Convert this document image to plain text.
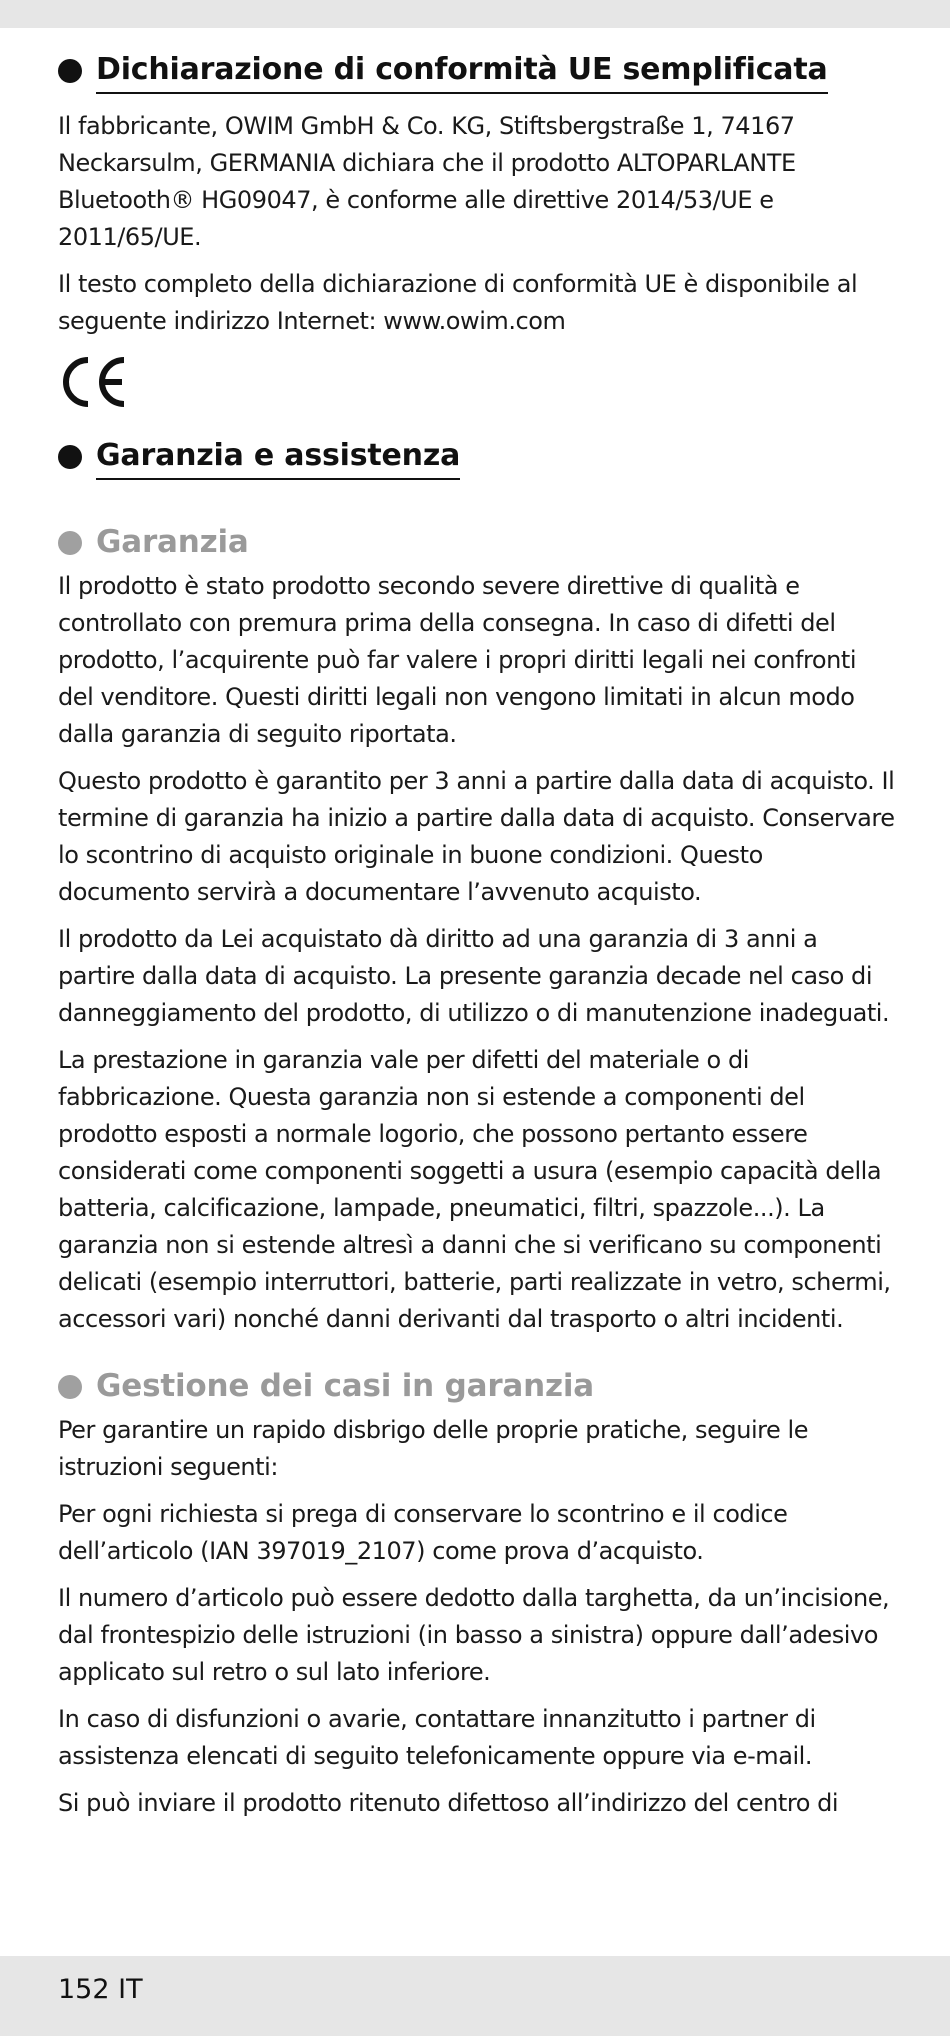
Dichiarazione di conformità UE semplificata

Il fabbricante, OWIM GmbH & Co. KG, Stiftsbergstraße 1, 74167 Neckarsulm, GERMANIA dichiara che il prodotto ALTOPARLANTE Bluetooth® HG09047, è conforme alle direttive 2014/53/UE e 2011/65/UE.

Il testo completo della dichiarazione di conformità UE è disponibile al seguente indirizzo Internet: www.owim.com

Garanzia e assistenza
Garanzia

Il prodotto è stato prodotto secondo severe direttive di qualità e controllato con premura prima della consegna. In caso di difetti del prodotto, l’acquirente può far valere i propri diritti legali nei confronti del venditore. Questi diritti legali non vengono limitati in alcun modo dalla garanzia di seguito riportata.

Questo prodotto è garantito per 3 anni a partire dalla data di acquisto. Il termine di garanzia ha inizio a partire dalla data di acquisto. Conservare lo scontrino di acquisto originale in buone condizioni. Questo documento servirà a documentare l’avvenuto acquisto.

Il prodotto da Lei acquistato dà diritto ad una garanzia di 3 anni a partire dalla data di acquisto. La presente garanzia decade nel caso di danneggiamento del prodotto, di utilizzo o di manutenzione inadeguati.

La prestazione in garanzia vale per difetti del materiale o di fabbricazione. Questa garanzia non si estende a componenti del prodotto esposti a normale logorio, che possono pertanto essere considerati come componenti soggetti a usura (esempio capacità della batteria, calcificazione, lampade, pneumatici, filtri, spazzole...). La garanzia non si estende altresì a danni che si verificano su componenti delicati (esempio interruttori, batterie, parti realizzate in vetro, schermi, accessori vari) nonché danni derivanti dal trasporto o altri incidenti.

Gestione dei casi in garanzia

Per garantire un rapido disbrigo delle proprie pratiche, seguire le istruzioni seguenti:

Per ogni richiesta si prega di conservare lo scontrino e il codice dell’articolo (IAN 397019_2107) come prova d’acquisto.

Il numero d’articolo può essere dedotto dalla targhetta, da un’incisione, dal frontespizio delle istruzioni (in basso a sinistra) oppure dall’adesivo applicato sul retro o sul lato inferiore.

In caso di disfunzioni o avarie, contattare innanzitutto i partner di assistenza elencati di seguito telefonicamente oppure via e-mail.

Si può inviare il prodotto ritenuto difettoso all’indirizzo del centro di

152 IT
